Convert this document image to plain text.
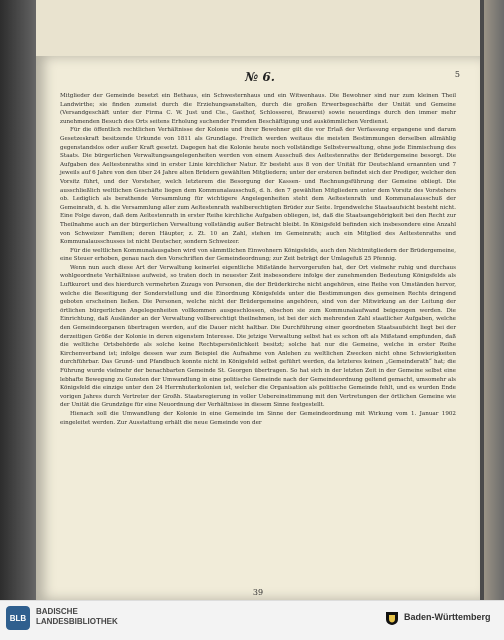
№ 6.	5

Mitglieder der Gemeinde besetzt ein Bethaus, ein Schwesternhaus und ein Witwenhaus. Die Bewohner sind nur zum kleinen Theil Landwirthe; sie finden zumeist durch die Erziehungsanstalten, durch die großen Erwerbsgeschäfte der Unität und Gemeine (Versandgeschäft unter der Firma C. W. Just und Cie., Gasthof, Schlosserei, Brauerei) sowie neuerdings durch den immer mehr zunehmenden Besuch des Orts seitens Erholung suchender Fremden Beschäftigung und auskömmlichen Verdienst.

Für die öffentlich rechtlichen Verhältnisse der Kolonie und ihrer Bewohner gilt die vor Erlaß der Verfassung ergangene und darum Gesetzeskraft besitzende Urkunde von 1811 als Grundlage. Freilich werden weitaus die meisten Bestimmungen derselben allmählig gegenstandslos oder außer Kraft gesetzt. Dagegen hat die Kolonie heute noch vollständige Selbstverwaltung, ohne jede Einmischung des Staats. Die bürgerlichen Verwaltungsangelegenheiten werden von einem Ausschuß des Aeltestenraths der Brüdergemeine besorgt. Die Aufgaben des Aeltestenraths sind in erster Linie kirchlicher Natur. Er besteht aus 8 von der Unität für Deutschland ernannten und 7 jeweils auf 6 Jahre von den über 24 Jahre alten Brüdern gewählten Mitgliedern; unter der ersteren befindet sich der Prediger, welcher den Vorsitz führt, und der Vorsteher, welch letzterem die Besorgung der Kassen- und Rechnungsführung der Gemeine obliegt. Die ausschließlich weltlichen Geschäfte liegen dem Kommunalausschuß, d. h. den 7 gewählten Mitgliedern unter dem Vorsitz des Vorstehers ob. Lediglich als berathende Versammlung für wichtigere Angelegenheiten steht dem Aeltestenrath und Kommunalausschuß der Gemeinrath, d. h. die Versammlung aller zum Aeltestenrath wahlberechtigten Brüder zur Seite. Irgendwelche Staatsaufsicht besteht nicht. Eine Folge davon, daß dem Aeltestenrath in erster Reihe kirchliche Aufgaben obliegen, ist, daß die Staatsangehörigkeit bei den Recht zur Theilnahme auch an der bürgerlichen Verwaltung vollständig außer Betracht bleibt. In Königsfeld befinden sich insbesondere eine Anzahl von Schweizer Familien; deren Häupter, z. Zt. 10 an Zahl, stehen im Gemeinrath; auch ein Mitglied des Aeltestenraths und Kommunalausschusses ist nicht Deutscher, sondern Schweizer.

Für die weltlichen Kommunalausgaben wird von sämmtlichen Einwohnern Königsfelds, auch den Nichtmitgliedern der Brüdergemeine, eine Steuer erhoben, genau nach den Vorschriften der Gemeindeordnung; zur Zeit beträgt der Umlagefuß 25 Pfennig.

Wenn nun auch diese Art der Verwaltung keinerlei eigentliche Mißstände hervorgerufen hat, der Ort vielmehr ruhig und durchaus wohlgeordnete Verhältnisse aufweist, so traten doch in neuester Zeit insbesondere infolge der zunehmenden Bedeutung Königsfelds als Luftkurort und des hierdurch vermehrten Zuzugs von Personen, die der Brüderkirche nicht angehören, eine Reihe von Umständen hervor, welche die Beseitigung der Sonderstellung und die Einordnung Königsfelds unter die Bestimmungen des gemeinen Rechts dringend geboten erscheinen ließen. Die Personen, welche nicht der Brüdergemeine angehören, sind von der Mitwirkung an der Leitung der örtlichen bürgerlichen Angelegenheiten vollkommen ausgeschlossen, obschon sie zum Kommunalaufwand beigezogen werden. Die Einrichtung, daß Ausländer an der Verwaltung vollberechtigt theilnehmen, ist bei der sich mehrenden Zahl staatlicher Aufgaben, welche den Gemeindeorganen übertragen werden, auf die Dauer nicht haltbar. Die Durchführung einer geordneten Staatsaufsicht liegt bei der derzeitigen Größe der Kolonie in deren eigenstem Interesse. Die jetzige Verwaltung selbst hat es schon oft als Mißstand empfunden, daß die weltliche Ortsbehörde als solche keine Rechtspersönlichkeit besitzt; solche hat nur die Gemeine, welche in erster Reihe Kirchenverband ist; infolge dessen war zum Beispiel die Aufnahme von Anlehen zu weltlichen Zwecken nicht ohne Schwierigkeiten durchführbar. Das Grund- und Pfandbuch konnte nicht in Königsfeld selbst geführt werden, da letzteres keinen „Gemeinderath“ hat; die Führung wurde vielmehr der benachbarten Gemeinde St. Georgen übertragen. So hat sich in der letzten Zeit in der Gemeine selbst eine lebhafte Bewegung zu Gunsten der Umwandlung in eine politische Gemeinde nach der Gemeindeordnung geltend gemacht, umsomehr als Königsfeld die einzige unter den 24 Herrnhuterkolonien ist, welcher die Organisation als politische Gemeinde fehlt, und es wurden Ende vorigen Jahres durch Vertreter der Großh. Staatsregierung in voller Uebereinstimmung mit den Vertretungen der örtlichen Gemeine wie der Unität die Grundzüge für eine Neuordnung der Verhältnisse in diesem Sinne festgestellt.

Hienach soll die Umwandlung der Kolonie in eine Gemeinde im Sinne der Gemeindeordnung mit Wirkung vom 1. Januar 1902 eingeleitet werden. Zur Ausstattung erhält die neue Gemeinde von der

39
BLB
BADISCHE
LANDESBIBLIOTHEK	Baden-Württemberg
